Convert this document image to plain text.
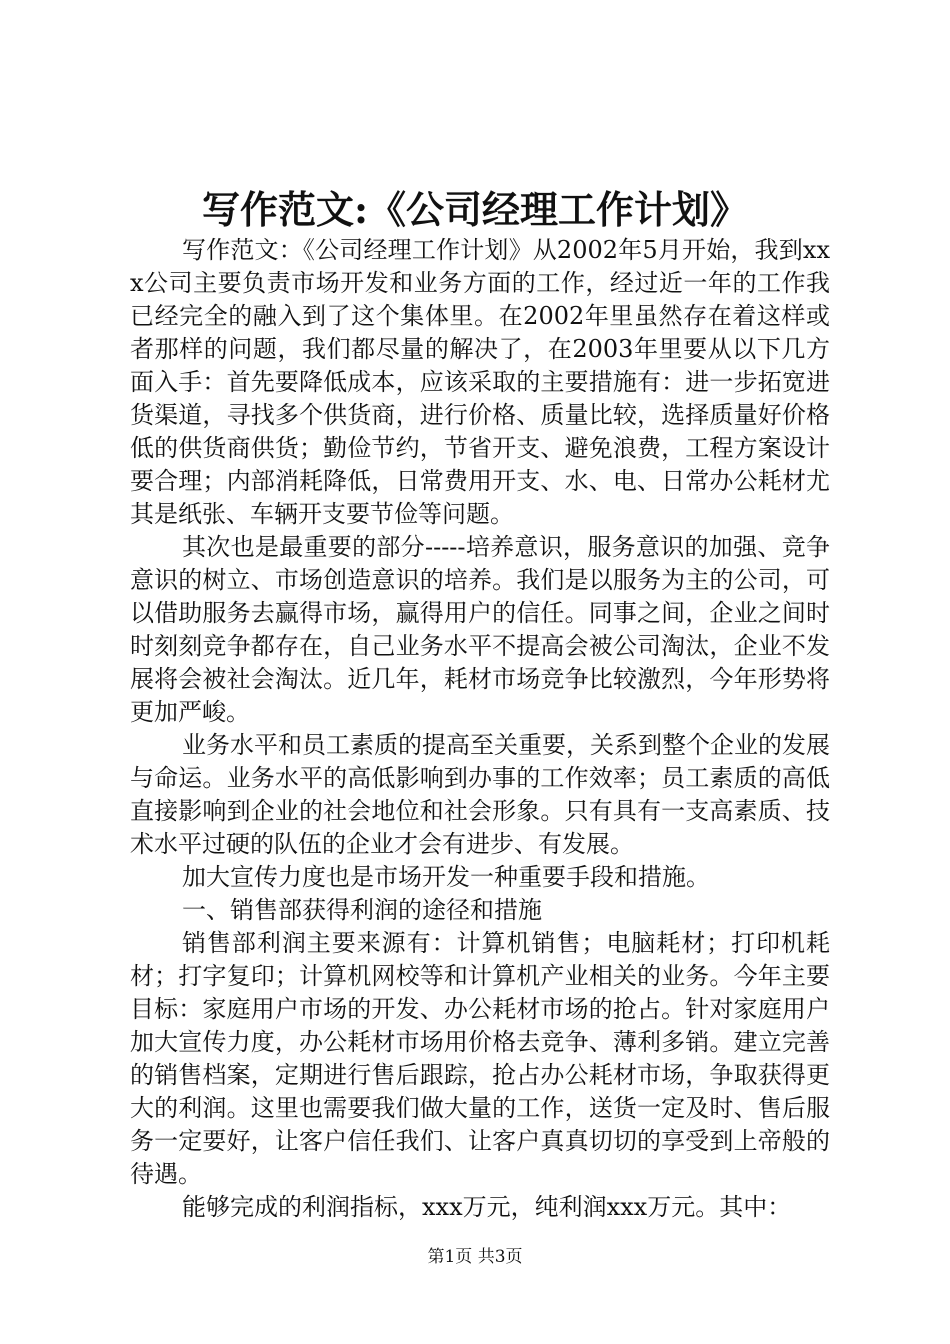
写作范文:《公司经理工作计划》

写作范文：《公司经理工作计划》从2002年5月开始，我到xxx公司主要负责市场开发和业务方面的工作，经过近一年的工作我已经完全的融入到了这个集体里。在2002年里虽然存在着这样或者那样的问题，我们都尽量的解决了，在2003年里要从以下几方面入手：首先要降低成本，应该采取的主要措施有：进一步拓宽进货渠道，寻找多个供货商，进行价格、质量比较，选择质量好价格低的供货商供货；勤俭节约，节省开支、避免浪费，工程方案设计要合理；内部消耗降低，日常费用开支、水、电、日常办公耗材尤其是纸张、车辆开支要节俭等问题。

其次也是最重要的部分-----培养意识，服务意识的加强、竞争意识的树立、市场创造意识的培养。我们是以服务为主的公司，可以借助服务去赢得市场，赢得用户的信任。同事之间，企业之间时时刻刻竞争都存在，自己业务水平不提高会被公司淘汰，企业不发展将会被社会淘汰。近几年，耗材市场竞争比较激烈，今年形势将更加严峻。

业务水平和员工素质的提高至关重要，关系到整个企业的发展与命运。业务水平的高低影响到办事的工作效率；员工素质的高低直接影响到企业的社会地位和社会形象。只有具有一支高素质、技术水平过硬的队伍的企业才会有进步、有发展。

加大宣传力度也是市场开发一种重要手段和措施。

一、销售部获得利润的途径和措施

销售部利润主要来源有：计算机销售；电脑耗材；打印机耗材；打字复印；计算机网校等和计算机产业相关的业务。今年主要目标：家庭用户市场的开发、办公耗材市场的抢占。针对家庭用户加大宣传力度，办公耗材市场用价格去竞争、薄利多销。建立完善的销售档案，定期进行售后跟踪，抢占办公耗材市场，争取获得更大的利润。这里也需要我们做大量的工作，送货一定及时、售后服务一定要好，让客户信任我们、让客户真真切切的享受到上帝般的待遇。

能够完成的利润指标，xxx万元，纯利润xxx万元。其中：

第1页 共3页
